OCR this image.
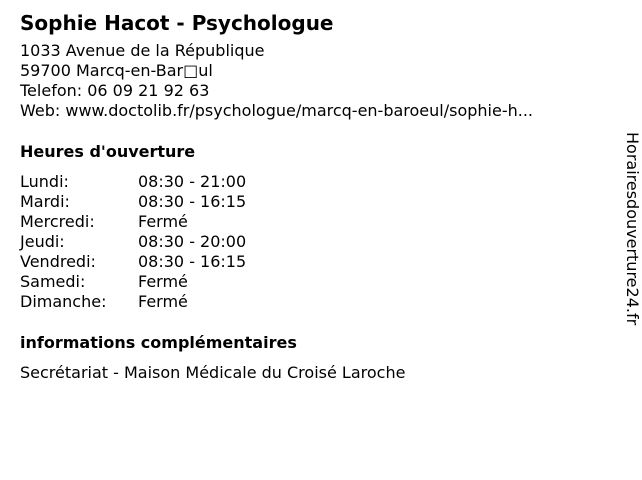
Sophie Hacot - Psychologue
1033 Avenue de la République
59700 Marcq-en-Bar□ul
Telefon: 06 09 21 92 63
Web: www.doctolib.fr/psychologue/marcq-en-baroeul/sophie-h...
Heures d'ouverture
Lundi:	08:30 - 21:00
Mardi:	08:30 - 16:15
Mercredi:	Fermé
Jeudi:	08:30 - 20:00
Vendredi:	08:30 - 16:15
Samedi:	Fermé
Dimanche:	Fermé
informations complémentaires
Secrétariat - Maison Médicale du Croisé Laroche
Horairesdouverture24.fr
